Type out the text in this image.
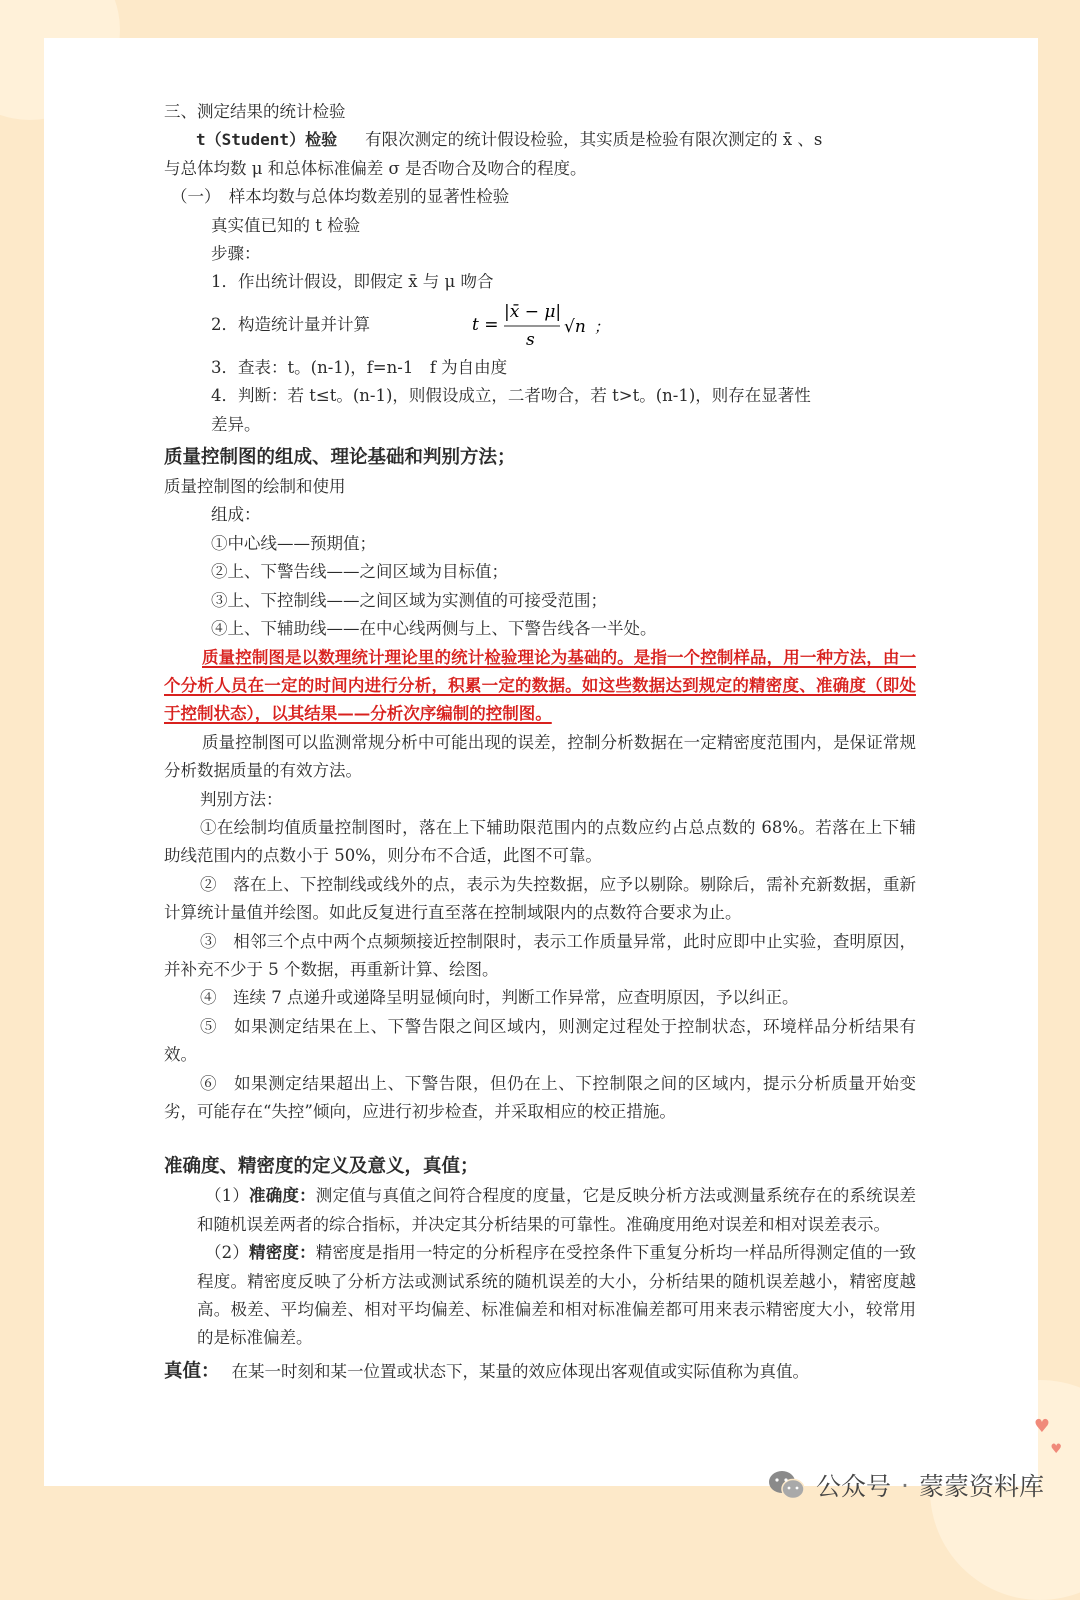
三、测定结果的统计检验
t（Student）检验 有限次测定的统计假设检验，其实质是检验有限次测定的 x̄ 、s
与总体均数 μ 和总体标准偏差 σ 是否吻合及吻合的程度。
（一）　样本均数与总体均数差别的显著性检验
真实值已知的 t 检验
步骤：
1．作出统计假设，即假定 x̄ 与 μ 吻合
2．构造统计量并计算	t =
|x̄ − μ|
s
√n ；
3．查表：t。(n-1)，f=n-1　f 为自由度
4．判断：若 t≤t。(n-1)，则假设成立，二者吻合，若 t>t。(n-1)，则存在显著性
差异。
质量控制图的组成、理论基础和判别方法；
质量控制图的绘制和使用
组成：
①中心线——预期值；
②上、下警告线——之间区域为目标值；
③上、下控制线——之间区域为实测值的可接受范围；
④上、下辅助线——在中心线两侧与上、下警告线各一半处。
质量控制图是以数理统计理论里的统计检验理论为基础的。是指一个控制样品，用一种方法，由一个分析人员在一定的时间内进行分析，积累一定的数据。如这些数据达到规定的精密度、准确度（即处于控制状态），以其结果——分析次序编制的控制图。
质量控制图可以监测常规分析中可能出现的误差，控制分析数据在一定精密度范围内，是保证常规分析数据质量的有效方法。
判别方法：
①在绘制均值质量控制图时，落在上下辅助限范围内的点数应约占总点数的 68%。若落在上下辅助线范围内的点数小于 50%，则分布不合适，此图不可靠。
②　落在上、下控制线或线外的点，表示为失控数据，应予以剔除。剔除后，需补充新数据，重新计算统计量值并绘图。如此反复进行直至落在控制域限内的点数符合要求为止。
③　相邻三个点中两个点频频接近控制限时，表示工作质量异常，此时应即中止实验，查明原因，并补充不少于 5 个数据，再重新计算、绘图。
④　连续 7 点递升或递降呈明显倾向时，判断工作异常，应查明原因，予以纠正。
⑤　如果测定结果在上、下警告限之间区域内，则测定过程处于控制状态，环境样品分析结果有效。
⑥　如果测定结果超出上、下警告限，但仍在上、下控制限之间的区域内，提示分析质量开始变劣，可能存在“失控”倾向，应进行初步检查，并采取相应的校正措施。
准确度、精密度的定义及意义，真值；
（1）准确度：测定值与真值之间符合程度的度量，它是反映分析方法或测量系统存在的系统误差和随机误差两者的综合指标，并决定其分析结果的可靠性。准确度用绝对误差和相对误差表示。
（2）精密度：精密度是指用一特定的分析程序在受控条件下重复分析均一样品所得测定值的一致程度。精密度反映了分析方法或测试系统的随机误差的大小，分析结果的随机误差越小，精密度越高。极差、平均偏差、相对平均偏差、标准偏差和相对标准偏差都可用来表示精密度大小，较常用的是标准偏差。
真值： 在某一时刻和某一位置或状态下，某量的效应体现出客观值或实际值称为真值。
♥
♥
公众号 · 蒙蒙资料库
